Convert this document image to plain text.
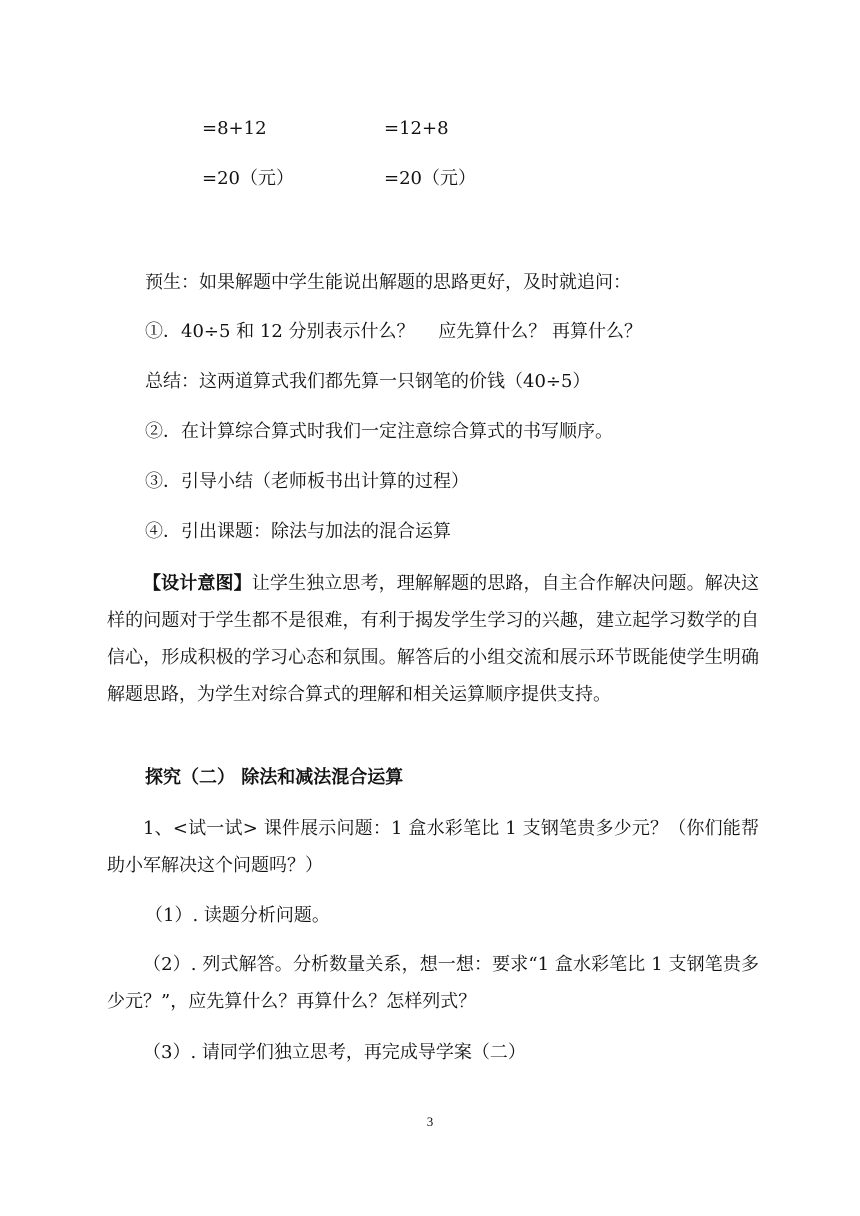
=8+12	=12+8
=20（元）	=20（元）
预生：如果解题中学生能说出解题的思路更好，及时就追问：
①．40÷5 和 12 分别表示什么？　 应先算什么？ 再算什么？
总结：这两道算式我们都先算一只钢笔的价钱（40÷5）
②．在计算综合算式时我们一定注意综合算式的书写顺序。
③．引导小结（老师板书出计算的过程）
④．引出课题：除法与加法的混合运算
【设计意图】让学生独立思考，理解解题的思路，自主合作解决问题。解决这样的问题对于学生都不是很难，有利于揭发学生学习的兴趣，建立起学习数学的自信心，形成积极的学习心态和氛围。解答后的小组交流和展示环节既能使学生明确解题思路，为学生对综合算式的理解和相关运算顺序提供支持。
探究（二） 除法和减法混合运算
1、<试一试> 课件展示问题：1 盒水彩笔比 1 支钢笔贵多少元？（你们能帮助小军解决这个问题吗？）
（1）. 读题分析问题。
（2）. 列式解答。分析数量关系，想一想：要求“1 盒水彩笔比 1 支钢笔贵多少元？”，应先算什么？再算什么？怎样列式？
（3）. 请同学们独立思考，再完成导学案（二）
3
